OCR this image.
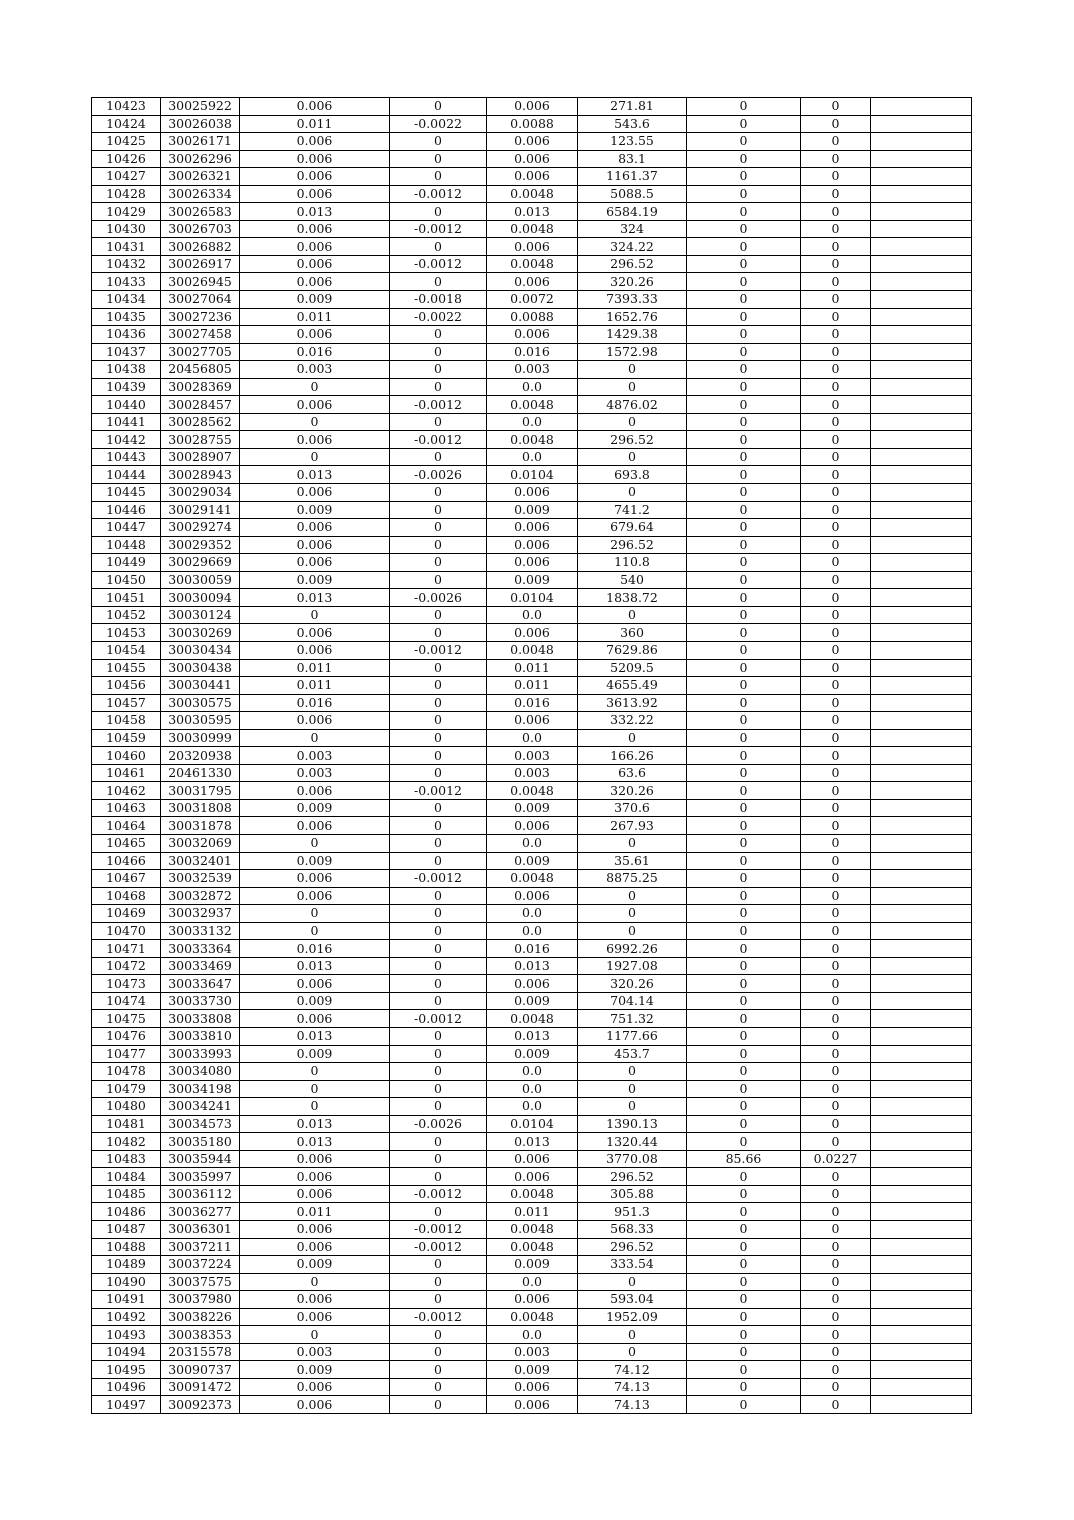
10423	30025922	0.006	0	0.006	271.81	0	0	
10424	30026038	0.011	-0.0022	0.0088	543.6	0	0	
10425	30026171	0.006	0	0.006	123.55	0	0	
10426	30026296	0.006	0	0.006	83.1	0	0	
10427	30026321	0.006	0	0.006	1161.37	0	0	
10428	30026334	0.006	-0.0012	0.0048	5088.5	0	0	
10429	30026583	0.013	0	0.013	6584.19	0	0	
10430	30026703	0.006	-0.0012	0.0048	324	0	0	
10431	30026882	0.006	0	0.006	324.22	0	0	
10432	30026917	0.006	-0.0012	0.0048	296.52	0	0	
10433	30026945	0.006	0	0.006	320.26	0	0	
10434	30027064	0.009	-0.0018	0.0072	7393.33	0	0	
10435	30027236	0.011	-0.0022	0.0088	1652.76	0	0	
10436	30027458	0.006	0	0.006	1429.38	0	0	
10437	30027705	0.016	0	0.016	1572.98	0	0	
10438	20456805	0.003	0	0.003	0	0	0	
10439	30028369	0	0	0.0	0	0	0	
10440	30028457	0.006	-0.0012	0.0048	4876.02	0	0	
10441	30028562	0	0	0.0	0	0	0	
10442	30028755	0.006	-0.0012	0.0048	296.52	0	0	
10443	30028907	0	0	0.0	0	0	0	
10444	30028943	0.013	-0.0026	0.0104	693.8	0	0	
10445	30029034	0.006	0	0.006	0	0	0	
10446	30029141	0.009	0	0.009	741.2	0	0	
10447	30029274	0.006	0	0.006	679.64	0	0	
10448	30029352	0.006	0	0.006	296.52	0	0	
10449	30029669	0.006	0	0.006	110.8	0	0	
10450	30030059	0.009	0	0.009	540	0	0	
10451	30030094	0.013	-0.0026	0.0104	1838.72	0	0	
10452	30030124	0	0	0.0	0	0	0	
10453	30030269	0.006	0	0.006	360	0	0	
10454	30030434	0.006	-0.0012	0.0048	7629.86	0	0	
10455	30030438	0.011	0	0.011	5209.5	0	0	
10456	30030441	0.011	0	0.011	4655.49	0	0	
10457	30030575	0.016	0	0.016	3613.92	0	0	
10458	30030595	0.006	0	0.006	332.22	0	0	
10459	30030999	0	0	0.0	0	0	0	
10460	20320938	0.003	0	0.003	166.26	0	0	
10461	20461330	0.003	0	0.003	63.6	0	0	
10462	30031795	0.006	-0.0012	0.0048	320.26	0	0	
10463	30031808	0.009	0	0.009	370.6	0	0	
10464	30031878	0.006	0	0.006	267.93	0	0	
10465	30032069	0	0	0.0	0	0	0	
10466	30032401	0.009	0	0.009	35.61	0	0	
10467	30032539	0.006	-0.0012	0.0048	8875.25	0	0	
10468	30032872	0.006	0	0.006	0	0	0	
10469	30032937	0	0	0.0	0	0	0	
10470	30033132	0	0	0.0	0	0	0	
10471	30033364	0.016	0	0.016	6992.26	0	0	
10472	30033469	0.013	0	0.013	1927.08	0	0	
10473	30033647	0.006	0	0.006	320.26	0	0	
10474	30033730	0.009	0	0.009	704.14	0	0	
10475	30033808	0.006	-0.0012	0.0048	751.32	0	0	
10476	30033810	0.013	0	0.013	1177.66	0	0	
10477	30033993	0.009	0	0.009	453.7	0	0	
10478	30034080	0	0	0.0	0	0	0	
10479	30034198	0	0	0.0	0	0	0	
10480	30034241	0	0	0.0	0	0	0	
10481	30034573	0.013	-0.0026	0.0104	1390.13	0	0	
10482	30035180	0.013	0	0.013	1320.44	0	0	
10483	30035944	0.006	0	0.006	3770.08	85.66	0.0227	
10484	30035997	0.006	0	0.006	296.52	0	0	
10485	30036112	0.006	-0.0012	0.0048	305.88	0	0	
10486	30036277	0.011	0	0.011	951.3	0	0	
10487	30036301	0.006	-0.0012	0.0048	568.33	0	0	
10488	30037211	0.006	-0.0012	0.0048	296.52	0	0	
10489	30037224	0.009	0	0.009	333.54	0	0	
10490	30037575	0	0	0.0	0	0	0	
10491	30037980	0.006	0	0.006	593.04	0	0	
10492	30038226	0.006	-0.0012	0.0048	1952.09	0	0	
10493	30038353	0	0	0.0	0	0	0	
10494	20315578	0.003	0	0.003	0	0	0	
10495	30090737	0.009	0	0.009	74.12	0	0	
10496	30091472	0.006	0	0.006	74.13	0	0	
10497	30092373	0.006	0	0.006	74.13	0	0	
